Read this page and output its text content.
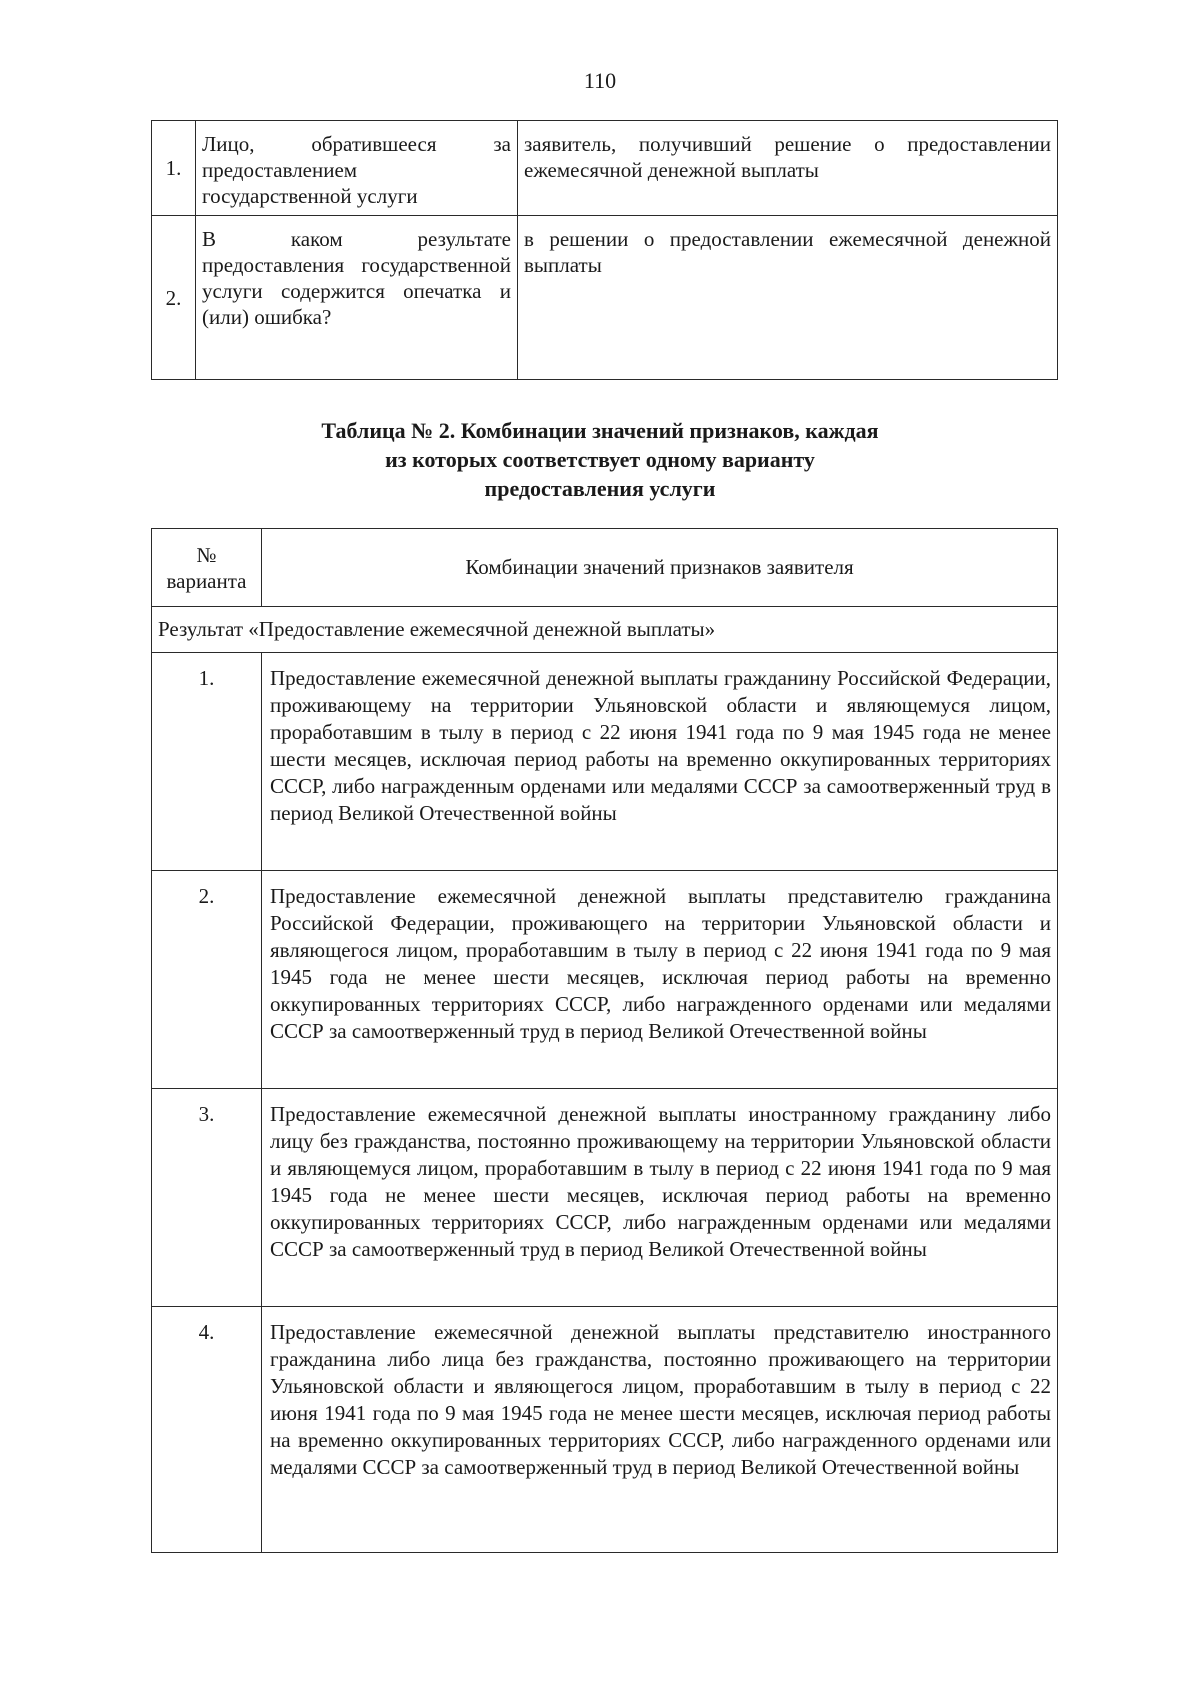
110
1.	Лицо, обратившееся за предоставлением государственной услуги	заявитель, получивший решение о предоставлении ежемесячной денежной выплаты
2.	В каком результате предоставления государственной услуги содержится опечатка и (или) ошибка?	в решении о предоставлении ежемесячной денежной выплаты
Таблица № 2. Комбинации значений признаков, каждая
из которых соответствует одному варианту
предоставления услуги
№
варианта	Комбинации значений признаков заявителя
Результат «Предоставление ежемесячной денежной выплаты»	
1.	Предоставление ежемесячной денежной выплаты гражданину Российской Федерации, проживающему на территории Ульяновской области и являющемуся лицом, проработавшим в тылу в период с 22 июня 1941 года по 9 мая 1945 года не менее шести месяцев, исключая период работы на временно оккупированных территориях СССР, либо награжденным орденами или медалями СССР за самоотверженный труд в период Великой Отечественной войны
2.	Предоставление ежемесячной денежной выплаты представителю гражданина Российской Федерации, проживающего на территории Ульяновской области и являющегося лицом, проработавшим в тылу в период с 22 июня 1941 года по 9 мая 1945 года не менее шести месяцев, исключая период работы на временно оккупированных территориях СССР, либо награжденного орденами или медалями СССР за самоотверженный труд в период Великой Отечественной войны
3.	Предоставление ежемесячной денежной выплаты иностранному гражданину либо лицу без гражданства, постоянно проживающему на территории Ульяновской области и являющемуся лицом, проработавшим в тылу в период с 22 июня 1941 года по 9 мая 1945 года не менее шести месяцев, исключая период работы на временно оккупированных территориях СССР, либо награжденным орденами или медалями СССР за самоотверженный труд в период Великой Отечественной войны
4.	Предоставление ежемесячной денежной выплаты представителю иностранного гражданина либо лица без гражданства, постоянно проживающего на территории Ульяновской области и являющегося лицом, проработавшим в тылу в период с 22 июня 1941 года по 9 мая 1945 года не менее шести месяцев, исключая период работы на временно оккупированных территориях СССР, либо награжденного орденами или медалями СССР за самоотверженный труд в период Великой Отечественной войны
